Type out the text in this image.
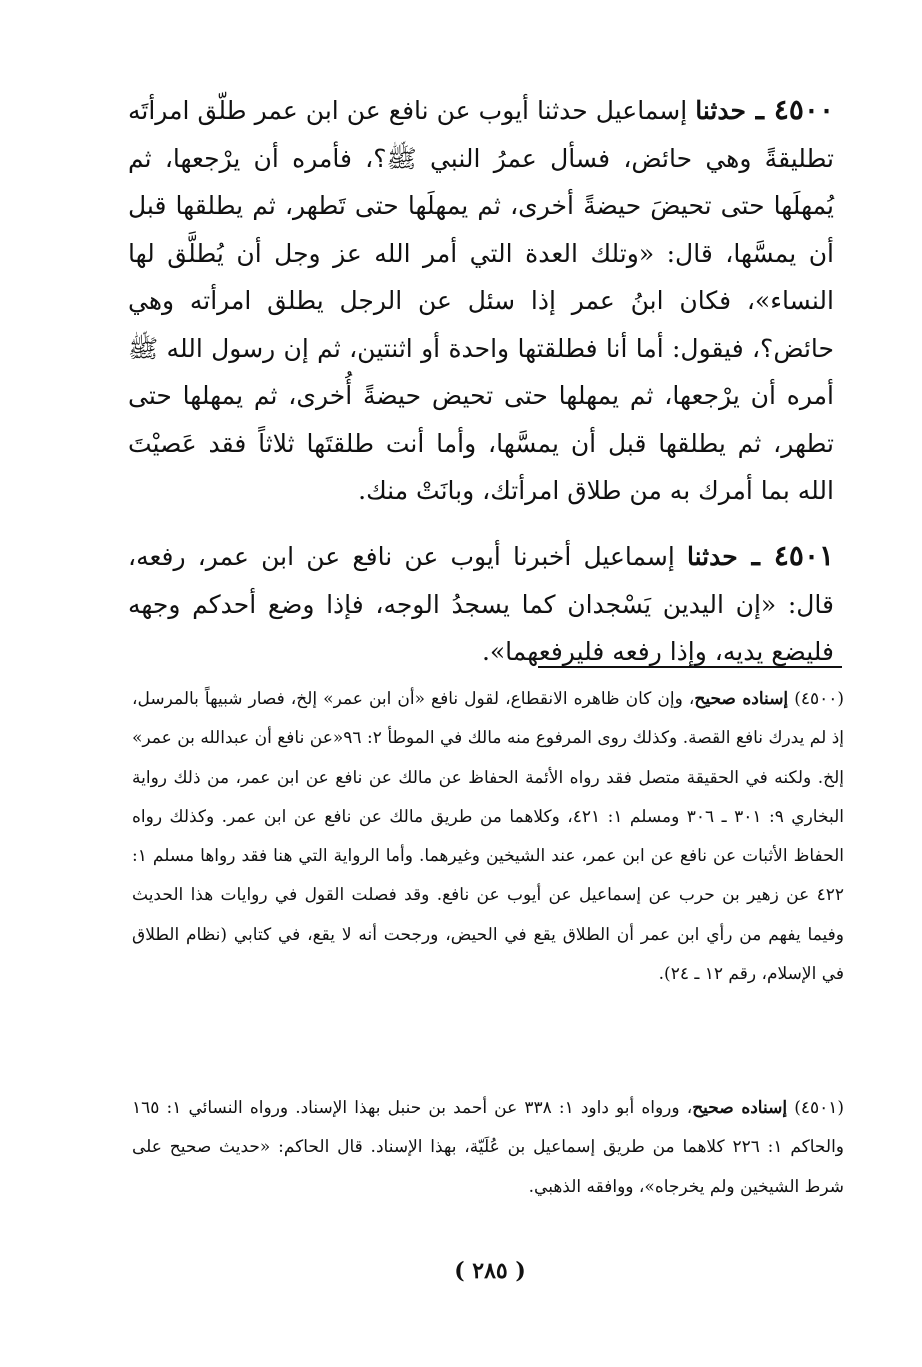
٤٥٠٠ ـ حدثنا إسماعيل حدثنا أيوب عن نافع عن ابن عمر طلّق امرأتَه تطليقةً وهي حائض، فسأل عمرُ النبي ﷺ؟، فأمره أن يرْجعها، ثم يُمهلَها حتى تحيضَ حيضةً أخرى، ثم يمهلَها حتى تَطهر، ثم يطلقها قبل أن يمسَّها، قال: «وتلك العدة التي أمر الله عز وجل أن يُطلَّق لها النساء»، فكان ابنُ عمر إذا سئل عن الرجل يطلق امرأته وهي حائض؟، فيقول: أما أنا فطلقتها واحدة أو اثنتين، ثم إن رسول الله ﷺ أمره أن يرْجعها، ثم يمهلها حتى تحيض حيضةً أُخرى، ثم يمهلها حتى تطهر، ثم يطلقها قبل أن يمسَّها، وأما أنت طلقتَها ثلاثاً فقد عَصيْتَ الله بما أمرك به من طلاق امرأتك، وبانَتْ منك.

٤٥٠١ ـ حدثنا إسماعيل أخبرنا أيوب عن نافع عن ابن عمر، رفعه، قال: «إن اليدين يَسْجدان كما يسجدُ الوجه، فإذا وضع أحدكم وجهه فليضع يديه، وإذا رفعه فليرفعهما».

(٤٥٠٠) إسناده صحيح، وإن كان ظاهره الانقطاع، لقول نافع «أن ابن عمر» إلخ، فصار شبيهاً بالمرسل، إذ لم يدرك نافع القصة. وكذلك روى المرفوع منه مالك في الموطأ ٢: ٩٦«عن نافع أن عبدالله بن عمر» إلخ. ولكنه في الحقيقة متصل فقد رواه الأئمة الحفاظ عن مالك عن نافع عن ابن عمر، من ذلك رواية البخاري ٩: ٣٠١ ـ ٣٠٦ ومسلم ١: ٤٢١، وكلاهما من طريق مالك عن نافع عن ابن عمر. وكذلك رواه الحفاظ الأثبات عن نافع عن ابن عمر، عند الشيخين وغيرهما. وأما الرواية التي هنا فقد رواها مسلم ١: ٤٢٢ عن زهير بن حرب عن إسماعيل عن أيوب عن نافع. وقد فصلت القول في روايات هذا الحديث وفيما يفهم من رأي ابن عمر أن الطلاق يقع في الحيض، ورجحت أنه لا يقع، في كتابي (نظام الطلاق في الإسلام، رقم ١٢ ـ ٢٤).

(٤٥٠١) إسناده صحيح، ورواه أبو داود ١: ٣٣٨ عن أحمد بن حنبل بهذا الإسناد. ورواه النسائي ١: ١٦٥ والحاكم ١: ٢٢٦ كلاهما من طريق إسماعيل بن عُلَيّة، بهذا الإسناد. قال الحاكم: «حديث صحيح على شرط الشيخين ولم يخرجاه»، ووافقه الذهبي.

( ٢٨٥ )
